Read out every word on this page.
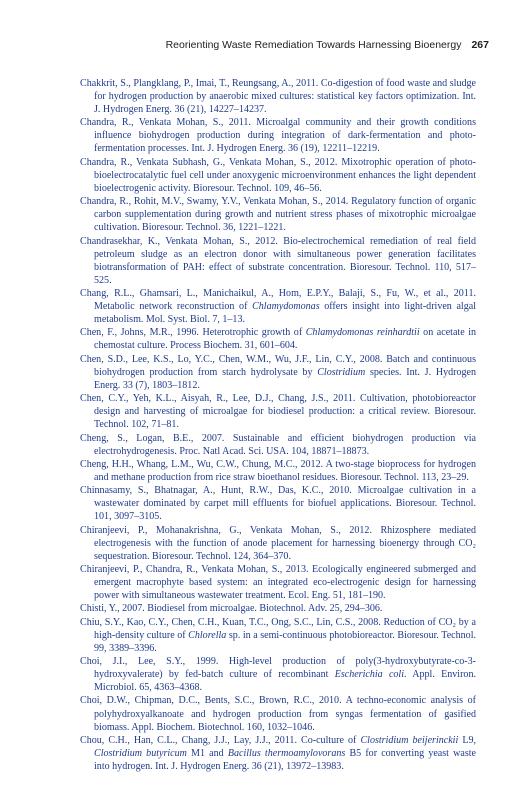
Reorienting Waste Remediation Towards Harnessing Bioenergy 267

Chakkrit, S., Plangklang, P., Imai, T., Reungsang, A., 2011. Co-digestion of food waste and sludge for hydrogen production by anaerobic mixed cultures: statistical key factors optimization. Int. J. Hydrogen Energ. 36 (21), 14227–14237.

Chandra, R., Venkata Mohan, S., 2011. Microalgal community and their growth conditions influence biohydrogen production during integration of dark-fermentation and photo-fermentation processes. Int. J. Hydrogen Energ. 36 (19), 12211–12219.

Chandra, R., Venkata Subhash, G., Venkata Mohan, S., 2012. Mixotrophic operation of photo-bioelectrocatalytic fuel cell under anoxygenic microenvironment enhances the light dependent bioelectrogenic activity. Bioresour. Technol. 109, 46–56.

Chandra, R., Rohit, M.V., Swamy, Y.V., Venkata Mohan, S., 2014. Regulatory function of organic carbon supplementation during growth and nutrient stress phases of mixotrophic microalgae cultivation. Bioresour. Technol. 36, 1221–1221.

Chandrasekhar, K., Venkata Mohan, S., 2012. Bio-electrochemical remediation of real field petroleum sludge as an electron donor with simultaneous power generation facilitates biotransformation of PAH: effect of substrate concentration. Bioresour. Technol. 110, 517–525.

Chang, R.L., Ghamsari, L., Manichaikul, A., Hom, E.P.Y., Balaji, S., Fu, W., et al., 2011. Metabolic network reconstruction of Chlamydomonas offers insight into light-driven algal metabolism. Mol. Syst. Biol. 7, 1–13.

Chen, F., Johns, M.R., 1996. Heterotrophic growth of Chlamydomonas reinhardtii on acetate in chemostat culture. Process Biochem. 31, 601–604.

Chen, S.D., Lee, K.S., Lo, Y.C., Chen, W.M., Wu, J.F., Lin, C.Y., 2008. Batch and continuous biohydrogen production from starch hydrolysate by Clostridium species. Int. J. Hydrogen Energ. 33 (7), 1803–1812.

Chen, C.Y., Yeh, K.L., Aisyah, R., Lee, D.J., Chang, J.S., 2011. Cultivation, photobioreactor design and harvesting of microalgae for biodiesel production: a critical review. Bioresour. Technol. 102, 71–81.

Cheng, S., Logan, B.E., 2007. Sustainable and efficient biohydrogen production via electrohydrogenesis. Proc. Natl Acad. Sci. USA. 104, 18871–18873.

Cheng, H.H., Whang, L.M., Wu, C.W., Chung, M.C., 2012. A two-stage bioprocess for hydrogen and methane production from rice straw bioethanol residues. Bioresour. Technol. 113, 23–29.

Chinnasamy, S., Bhatnagar, A., Hunt, R.W., Das, K.C., 2010. Microalgae cultivation in a wastewater dominated by carpet mill effluents for biofuel applications. Bioresour. Technol. 101, 3097–3105.

Chiranjeevi, P., Mohanakrishna, G., Venkata Mohan, S., 2012. Rhizosphere mediated electrogenesis with the function of anode placement for harnessing bioenergy through CO₂ sequestration. Bioresour. Technol. 124, 364–370.

Chiranjeevi, P., Chandra, R., Venkata Mohan, S., 2013. Ecologically engineered submerged and emergent macrophyte based system: an integrated eco-electrogenic design for harnessing power with simultaneous wastewater treatment. Ecol. Eng. 51, 181–190.

Chisti, Y., 2007. Biodiesel from microalgae. Biotechnol. Adv. 25, 294–306.

Chiu, S.Y., Kao, C.Y., Chen, C.H., Kuan, T.C., Ong, S.C., Lin, C.S., 2008. Reduction of CO₂ by a high-density culture of Chlorella sp. in a semi-continuous photobioreactor. Bioresour. Technol. 99, 3389–3396.

Choi, J.I., Lee, S.Y., 1999. High-level production of poly(3-hydroxybutyrate-co-3-hydroxyvalerate) by fed-batch culture of recombinant Escherichia coli. Appl. Environ. Microbiol. 65, 4363–4368.

Choi, D.W., Chipman, D.C., Bents, S.C., Brown, R.C., 2010. A techno-economic analysis of polyhydroxyalkanoate and hydrogen production from syngas fermentation of gasified biomass. Appl. Biochem. Biotechnol. 160, 1032–1046.

Chou, C.H., Han, C.L., Chang, J.J., Lay, J.J., 2011. Co-culture of Clostridium beijerinckii L9, Clostridium butyricum M1 and Bacillus thermoamylovorans B5 for converting yeast waste into hydrogen. Int. J. Hydrogen Energ. 36 (21), 13972–13983.
